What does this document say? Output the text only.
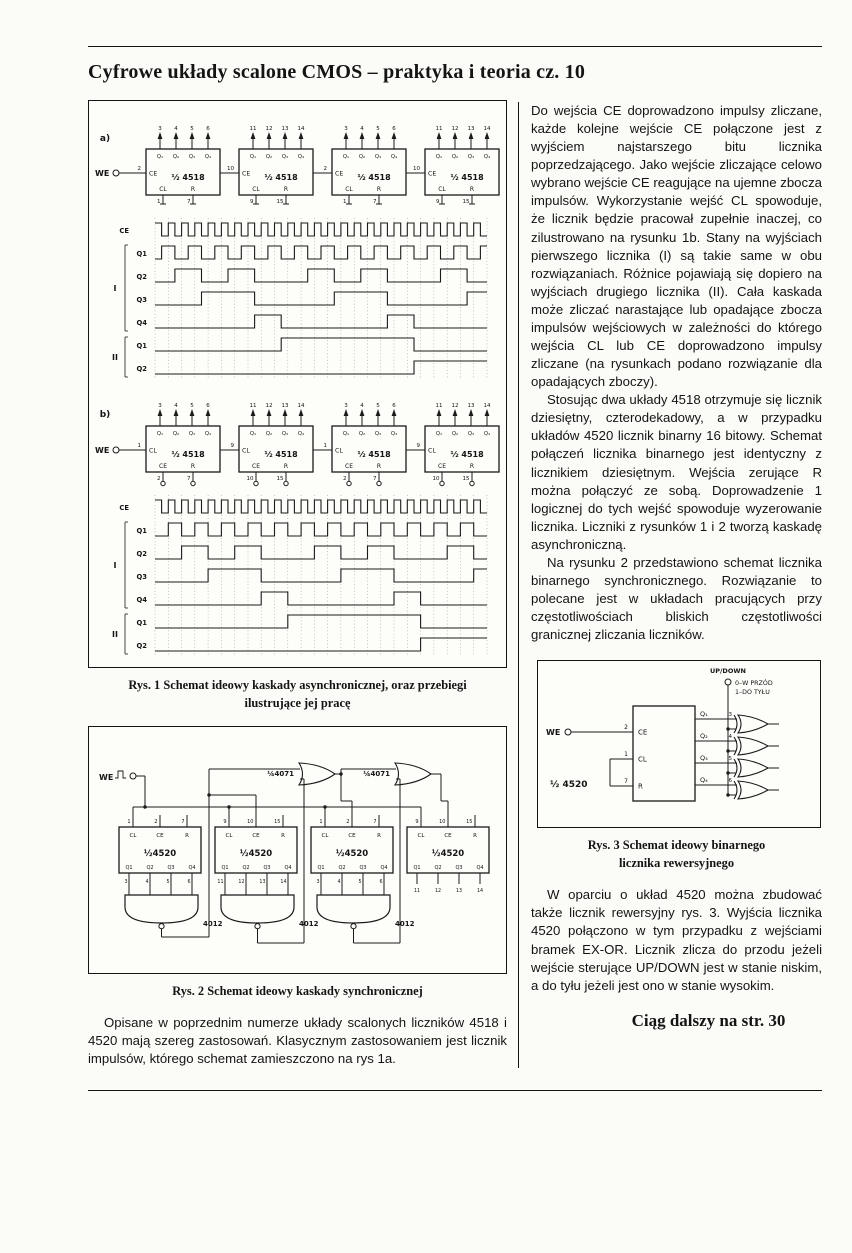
Cyfrowe układy scalone CMOS – praktyka i teoria cz. 10
a)
WE	2
Q₁ Q₂ Q₃ Q₄
CE ½ 4518
CL	R
3 4 5 6
1	7
10
Q₁ Q₂ Q₃ Q₄
CE ½ 4518
CL	R
11 12 13 14
9	15
2
Q₁ Q₂ Q₃ Q₄
CE ½ 4518
CL	R
3 4 5 6
1	7
10
Q₁ Q₂ Q₃ Q₄
CE ½ 4518
CL	R
11 12 13 14
9	15
CE
Q1
Q2
Q3
Q4
Q1
Q2
I
II
b)
WE	1
Q₁ Q₂ Q₃ Q₄
CL ½ 4518
CE	R
3 4 5 6
2	7
9
Q₁ Q₂ Q₃ Q₄
CL ½ 4518
CE	R
11 12 13 14
10	15
1
Q₁ Q₂ Q₃ Q₄
CL ½ 4518
CE	R
3 4 5 6
2	7
9
Q₁ Q₂ Q₃ Q₄
CL ½ 4518
CE	R
11 12 13 14
10	15
CE
Q1
Q2
Q3
Q4
Q1
Q2
I
II
Rys. 1 Schemat ideowy kaskady asynchronicznej, oraz przebiegi
ilustrujące jej pracę
WE
1
CL
2
CE
7
R
½4520
Q1
3
Q2
4
Q3
5
Q4
6
4012
9
CL
10
CE
15
R
½4520
Q1
11
Q2
12
Q3
13
Q4
14
4012
1
CL
2
CE
7
R
½4520
Q1
3
Q2
4
Q3
5
Q4
6
4012
9
CL
10
CE
15
R
½4520
Q1
11
Q2
12
Q3
13
Q4
14
¼4071	¼4071
Rys. 2 Schemat ideowy kaskady synchronicznej

Opisane w poprzednim numerze układy scalonych liczników 4518 i 4520 mają szereg zastosowań. Klasycznym zastosowaniem jest licznik impulsów, którego schemat zamieszczono na rys 1a.

Do wejścia CE doprowadzono impulsy zliczane, każde kolejne wejście CE połączone jest z wyjściem najstarszego bitu licznika poprzedzającego. Jako wejście zliczające celowo wybrano wejście CE reagujące na ujemne zbocza impulsów. Wykorzystanie wejść CL spowoduje, że licznik będzie pracował zupełnie inaczej, co zilustrowano na rysunku 1b. Stany na wyjściach pierwszego licznika (I) są takie same w obu rozwiązaniach. Różnice pojawiają się dopiero na wyjściach drugiego licznika (II). Cała kaskada może zliczać narastające lub opadające zbocza impulsów wejściowych w zależności do którego wejścia CL lub CE doprowadzono impulsy zliczane (na rysunkach podano rozwiązanie dla opadających zboczy).

Stosując dwa układy 4518 otrzymuje się licznik dziesiętny, czterodekadowy, a w przypadku układów 4520 licznik binarny 16 bitowy. Schemat połączeń licznika binarnego jest identyczny z licznikiem dziesiętnym. Wejścia zerujące R można połączyć ze sobą. Doprowadzenie 1 logicznej do tych wejść spowoduje wyzerowanie licznika. Liczniki z rysunków 1 i 2 tworzą kaskadę asynchroniczną.

Na rysunku 2 przedstawiono schemat licznika binarnego synchronicznego. Rozwiązanie to polecane jest w układach pracujących przy częstotliwościach bliskich częstotliwości granicznej zliczania liczników.

UP/DOWN
0–W PRZÓD
1–DO TYŁU
CE
CL
R
½ 4520
WE
2
1
7
Q₁	3
Q₂	4
Q₃	5
Q₄	6
Rys. 3 Schemat ideowy binarnego
licznika rewersyjnego

W oparciu o układ 4520 można zbudować także licznik rewersyjny rys. 3. Wyjścia licznika 4520 połączono w tym przypadku z wejściami bramek EX-OR. Licznik zlicza do przodu jeżeli wejście sterujące UP/DOWN jest w stanie niskim, a do tyłu jeżeli jest ono w stanie wysokim.

Ciąg dalszy na str. 30
